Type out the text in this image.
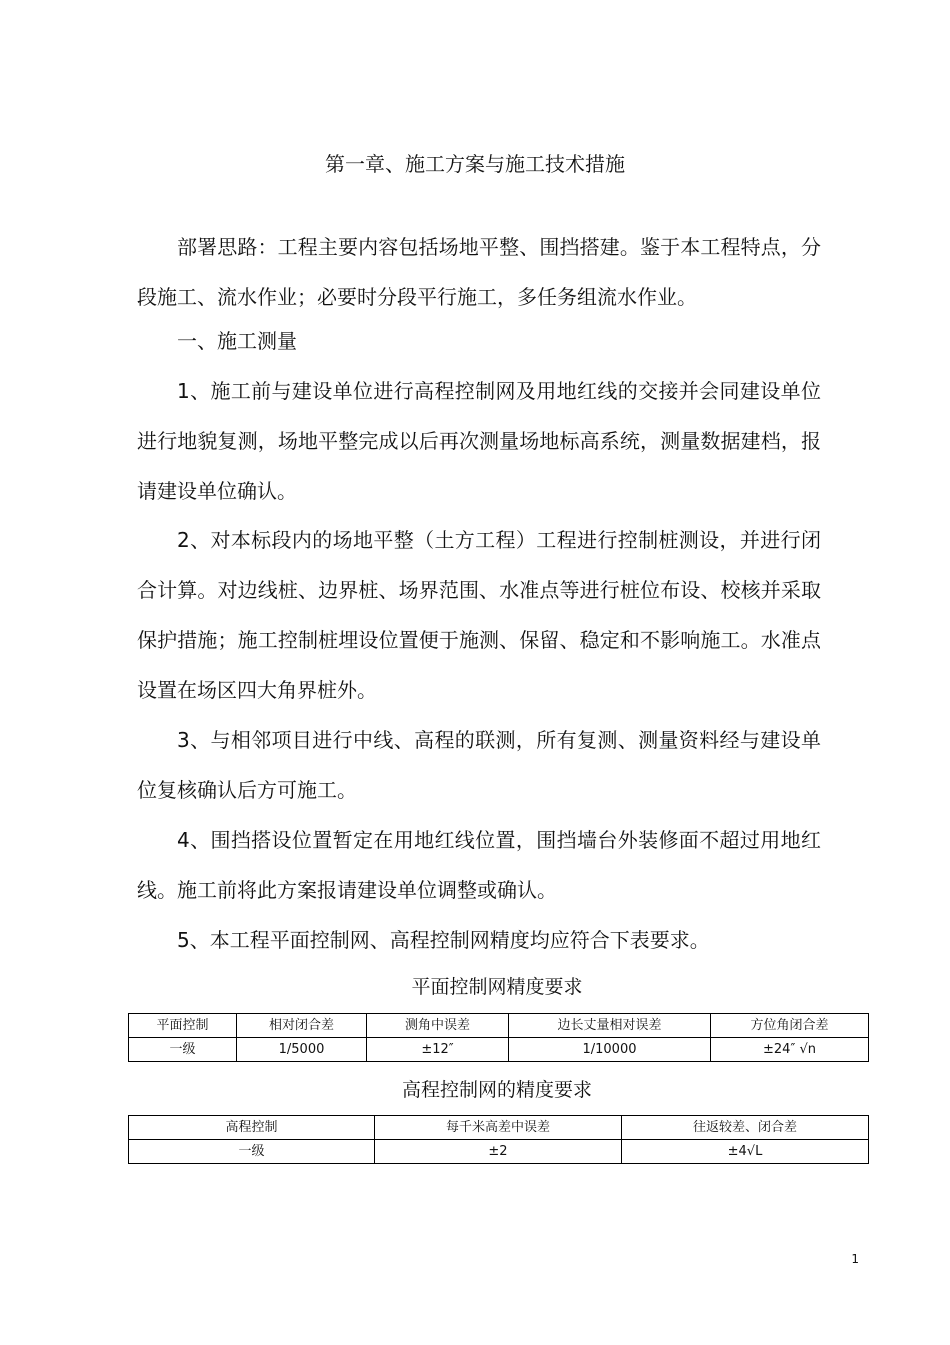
第一章、施工方案与施工技术措施

部署思路：工程主要内容包括场地平整、围挡搭建。鉴于本工程特点，分段施工、流水作业；必要时分段平行施工，多任务组流水作业。

一、施工测量

1、施工前与建设单位进行高程控制网及用地红线的交接并会同建设单位进行地貌复测，场地平整完成以后再次测量场地标高系统，测量数据建档，报请建设单位确认。

2、对本标段内的场地平整（土方工程）工程进行控制桩测设，并进行闭合计算。对边线桩、边界桩、场界范围、水准点等进行桩位布设、校核并采取保护措施；施工控制桩埋设位置便于施测、保留、稳定和不影响施工。水准点设置在场区四大角界桩外。

3、与相邻项目进行中线、高程的联测，所有复测、测量资料经与建设单位复核确认后方可施工。

4、围挡搭设位置暂定在用地红线位置，围挡墙台外装修面不超过用地红线。施工前将此方案报请建设单位调整或确认。

5、本工程平面控制网、高程控制网精度均应符合下表要求。

平面控制网精度要求
平面控制	相对闭合差	测角中误差	边长丈量相对误差	方位角闭合差
一级	1/5000	±12″	1/10000	±24″ √n
高程控制网的精度要求
高程控制	每千米高差中误差	往返较差、闭合差
一级	±2	±4√L
1
